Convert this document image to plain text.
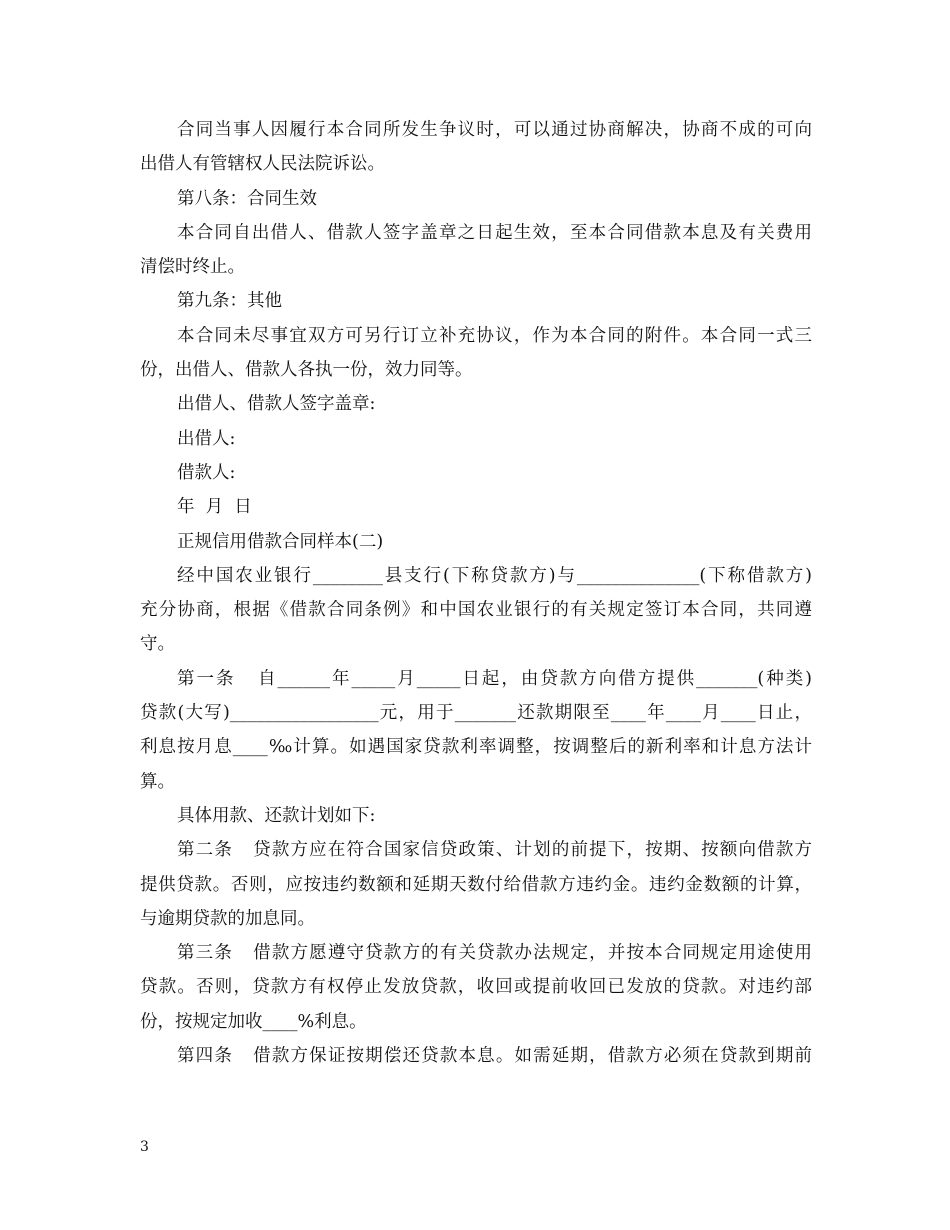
合同当事人因履行本合同所发生争议时，可以通过协商解决，协商不成的可向
出借人有管辖权人民法院诉讼。
第八条：合同生效
本合同自出借人、借款人签字盖章之日起生效，至本合同借款本息及有关费用
清偿时终止。
第九条：其他
本合同未尽事宜双方可另行订立补充协议，作为本合同的附件。本合同一式三
份，出借人、借款人各执一份，效力同等。
出借人、借款人签字盖章:
出借人:
借款人:
年  月  日
正规信用借款合同样本(二)
经中国农业银行________县支行(下称贷款方)与______________(下称借款方)
充分协商，根据《借款合同条例》和中国农业银行的有关规定签订本合同，共同遵
守。
第一条   自______年_____月_____日起，由贷款方向借方提供_______(种类)
贷款(大写)_________________元，用于_______还款期限至____年____月____日止，
利息按月息____‰计算。如遇国家贷款利率调整，按调整后的新利率和计息方法计
算。
具体用款、还款计划如下:
第二条   贷款方应在符合国家信贷政策、计划的前提下，按期、按额向借款方
提供贷款。否则，应按违约数额和延期天数付给借款方违约金。违约金数额的计算，
与逾期贷款的加息同。
第三条   借款方愿遵守贷款方的有关贷款办法规定，并按本合同规定用途使用
贷款。否则，贷款方有权停止发放贷款，收回或提前收回已发放的贷款。对违约部
份，按规定加收____%利息。
第四条   借款方保证按期偿还贷款本息。如需延期，借款方必须在贷款到期前
3
